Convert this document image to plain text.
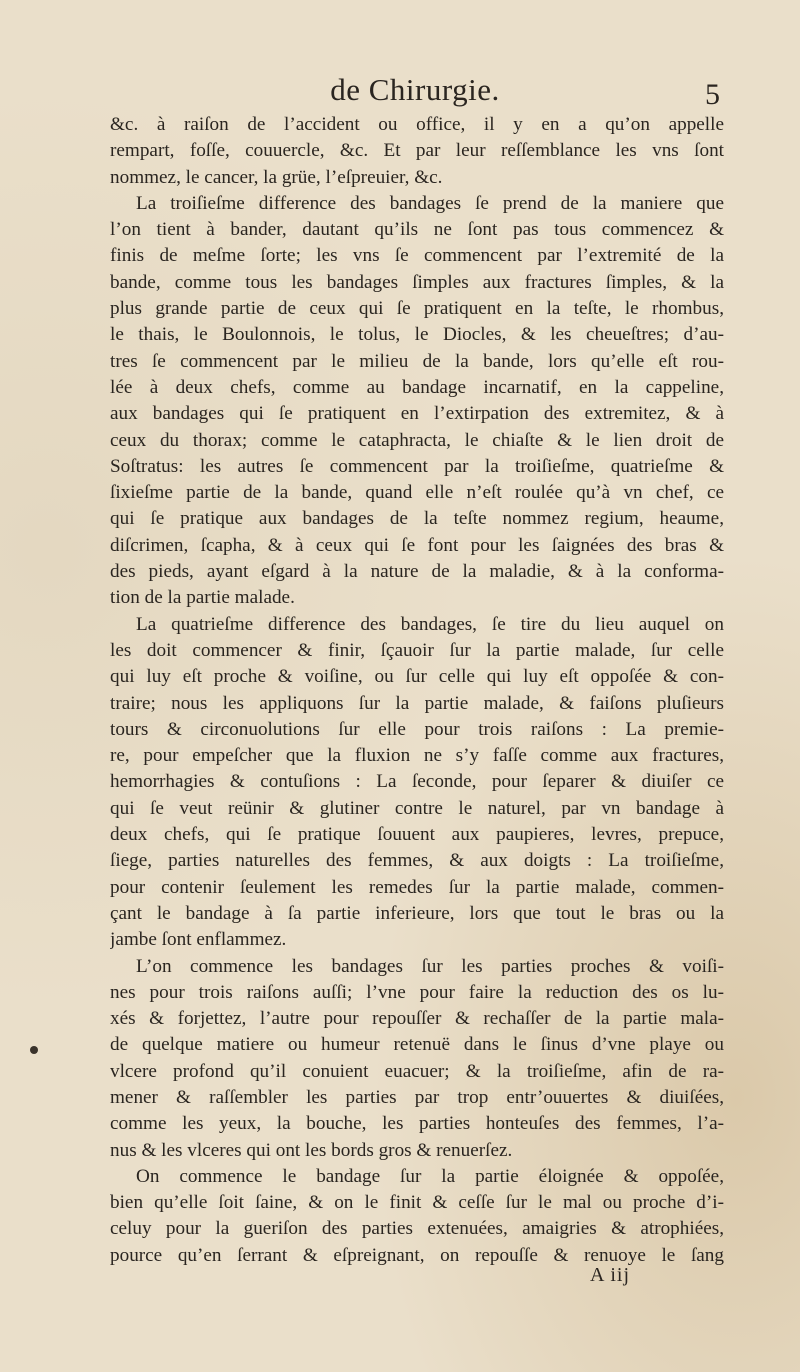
de Chirurgie.	5
&c. à raiſon de l’accident ou office, il y en a qu’on appelle
rempart, foſſe, couuercle, &c. Et par leur reſſemblance les vns ſont
nommez, le cancer, la grüe, l’eſpreuier, &c.
La troiſieſme difference des bandages ſe prend de la maniere que
l’on tient à bander, dautant qu’ils ne ſont pas tous commencez &
finis de meſme ſorte; les vns ſe commencent par l’extremité de la
bande, comme tous les bandages ſimples aux fractures ſimples, & la
plus grande partie de ceux qui ſe pratiquent en la teſte, le rhombus,
le thais, le Boulonnois, le tolus, le Diocles, & les cheueſtres; d’au-
tres ſe commencent par le milieu de la bande, lors qu’elle eſt rou-
lée à deux chefs, comme au bandage incarnatif, en la cappeline,
aux bandages qui ſe pratiquent en l’extirpation des extremitez, & à
ceux du thorax; comme le cataphracta, le chiaſte & le lien droit de
Soſtratus: les autres ſe commencent par la troiſieſme, quatrieſme &
ſixieſme partie de la bande, quand elle n’eſt roulée qu’à vn chef, ce
qui ſe pratique aux bandages de la teſte nommez regium, heaume,
diſcrimen, ſcapha, & à ceux qui ſe font pour les ſaignées des bras &
des pieds, ayant eſgard à la nature de la maladie, & à la conforma-
tion de la partie malade.
La quatrieſme difference des bandages, ſe tire du lieu auquel on
les doit commencer & finir, ſçauoir ſur la partie malade, ſur celle
qui luy eſt proche & voiſine, ou ſur celle qui luy eſt oppoſée & con-
traire; nous les appliquons ſur la partie malade, & faiſons pluſieurs
tours & circonuolutions ſur elle pour trois raiſons : La premie-
re, pour empeſcher que la fluxion ne s’y faſſe comme aux fractures,
hemorrhagies & contuſions : La ſeconde, pour ſeparer & diuiſer ce
qui ſe veut reünir & glutiner contre le naturel, par vn bandage à
deux chefs, qui ſe pratique ſouuent aux paupieres, levres, prepuce,
ſiege, parties naturelles des femmes, & aux doigts : La troiſieſme,
pour contenir ſeulement les remedes ſur la partie malade, commen-
çant le bandage à ſa partie inferieure, lors que tout le bras ou la
jambe ſont enflammez.
L’on commence les bandages ſur les parties proches & voiſi-
nes pour trois raiſons auſſi; l’vne pour faire la reduction des os lu-
xés & forjettez, l’autre pour repouſſer & rechaſſer de la partie mala-
de quelque matiere ou humeur retenuë dans le ſinus d’vne playe ou
vlcere profond qu’il conuient euacuer; & la troiſieſme, afin de ra-
mener & raſſembler les parties par trop entr’ouuertes & diuiſées,
comme les yeux, la bouche, les parties honteuſes des femmes, l’a-
nus & les vlceres qui ont les bords gros & renuerſez.
On commence le bandage ſur la partie éloignée & oppoſée,
bien qu’elle ſoit ſaine, & on le finit & ceſſe ſur le mal ou proche d’i-
celuy pour la gueriſon des parties extenuées, amaigries & atrophiées,
pource qu’en ſerrant & eſpreignant, on repouſſe & renuoye le ſang
A iij
